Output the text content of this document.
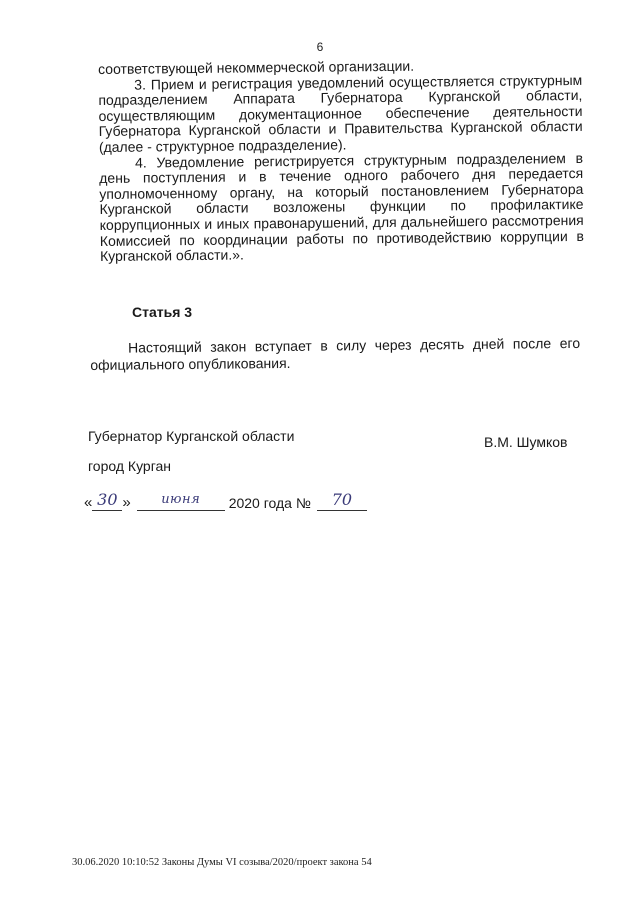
6

соответствующей некоммерческой организации.

3. Прием и регистрация уведомлений осуществляется структурным подразделением Аппарата Губернатора Курганской области, осуществляющим документационное обеспечение деятельности Губернатора Курганской области и Правительства Курганской области (далее - структурное подразделение).

4. Уведомление регистрируется структурным подразделением в день поступления и в течение одного рабочего дня передается уполномоченному органу, на который постановлением Губернатора Курганской области возложены функции по профилактике коррупционных и иных правонарушений, для дальнейшего рассмотрения Комиссией по координации работы по противодействию коррупции в Курганской области.».

Статья 3

Настоящий закон вступает в силу через десять дней после его официального опубликования.

Губернатор Курганской области	В.М. Шумков
город Курган
« 30 »	июня	2020 года №	70
30.06.2020 10:10:52 Законы Думы VI созыва/2020/проект закона 54
